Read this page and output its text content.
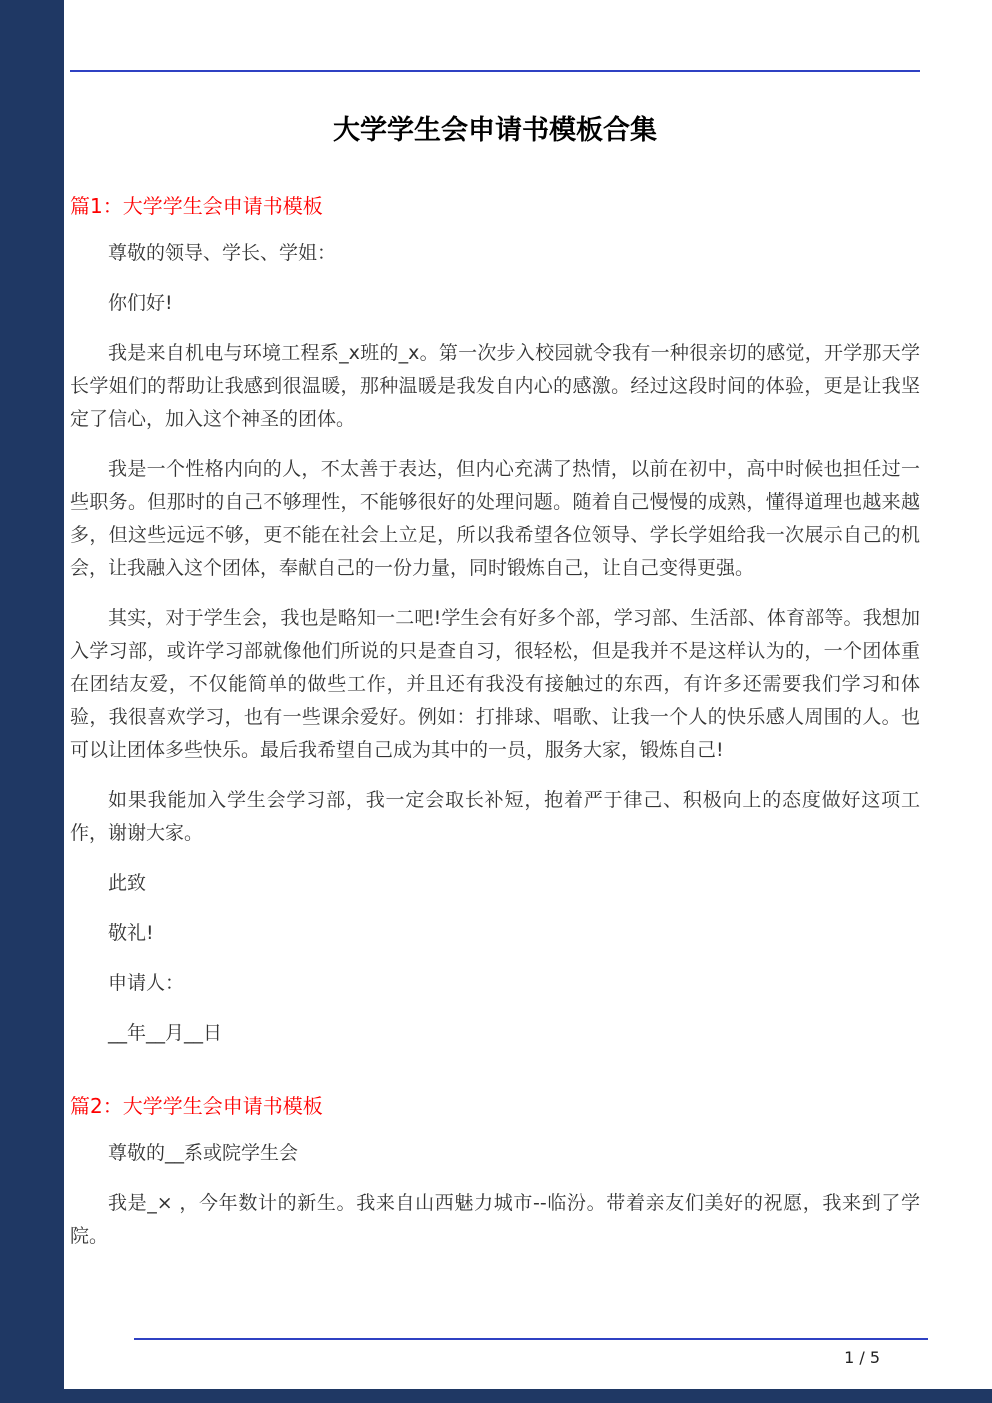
大学学生会申请书模板合集
篇1：大学学生会申请书模板

尊敬的领导、学长、学姐：

你们好!

我是来自机电与环境工程系_x班的_x。第一次步入校园就令我有一种很亲切的感觉，开学那天学长学姐们的帮助让我感到很温暖，那种温暖是我发自内心的感激。经过这段时间的体验，更是让我坚定了信心，加入这个神圣的团体。

我是一个性格内向的人，不太善于表达，但内心充满了热情，以前在初中，高中时候也担任过一些职务。但那时的自己不够理性，不能够很好的处理问题。随着自己慢慢的成熟，懂得道理也越来越多，但这些远远不够，更不能在社会上立足，所以我希望各位领导、学长学姐给我一次展示自己的机会，让我融入这个团体，奉献自己的一份力量，同时锻炼自己，让自己变得更强。

其实，对于学生会，我也是略知一二吧!学生会有好多个部，学习部、生活部、体育部等。我想加入学习部，或许学习部就像他们所说的只是查自习，很轻松，但是我并不是这样认为的，一个团体重在团结友爱，不仅能简单的做些工作，并且还有我没有接触过的东西，有许多还需要我们学习和体验，我很喜欢学习，也有一些课余爱好。例如：打排球、唱歌、让我一个人的快乐感人周围的人。也可以让团体多些快乐。最后我希望自己成为其中的一员，服务大家，锻炼自己!

如果我能加入学生会学习部，我一定会取长补短，抱着严于律己、积极向上的态度做好这项工作，谢谢大家。

此致

敬礼!

申请人：

__年__月__日

篇2：大学学生会申请书模板

尊敬的__系或院学生会

我是_× ，今年数计的新生。我来自山西魅力城市--临汾。带着亲友们美好的祝愿，我来到了学院。

1 / 5
